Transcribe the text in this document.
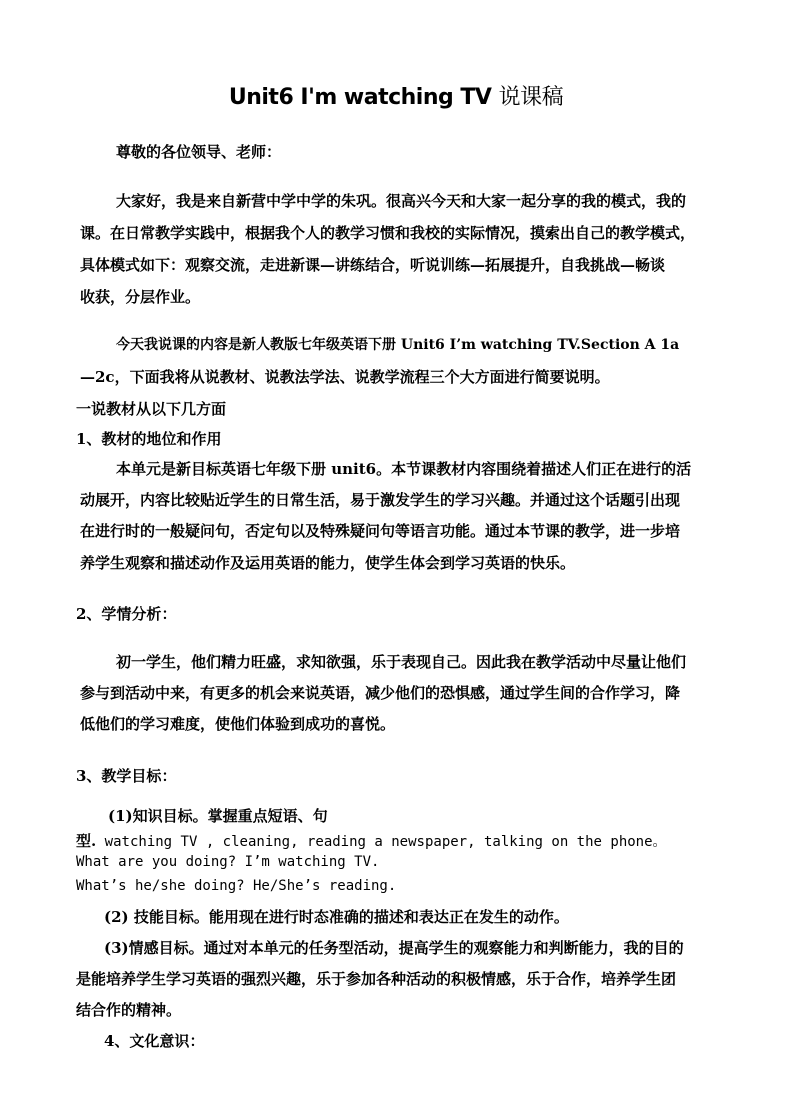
Unit6 I'm watching TV 说课稿
尊敬的各位领导、老师：
大家好，我是来自新营中学中学的朱巩。很高兴今天和大家一起分享的我的模式，我的
课。在日常教学实践中，根据我个人的教学习惯和我校的实际情况，摸索出自己的教学模式，
具体模式如下：观察交流，走进新课—讲练结合，听说训练—拓展提升，自我挑战—畅谈
收获，分层作业。
今天我说课的内容是新人教版七年级英语下册 Unit6 I’m watching TV.Section A 1a
—2c，下面我将从说教材、说教法学法、说教学流程三个大方面进行简要说明。
一说教材从以下几方面
1、教材的地位和作用
本单元是新目标英语七年级下册 unit6。本节课教材内容围绕着描述人们正在进行的活
动展开，内容比较贴近学生的日常生活，易于激发学生的学习兴趣。并通过这个话题引出现
在进行时的一般疑问句，否定句以及特殊疑问句等语言功能。通过本节课的教学，进一步培
养学生观察和描述动作及运用英语的能力，使学生体会到学习英语的快乐。
2、学情分析：
初一学生，他们精力旺盛，求知欲强，乐于表现自己。因此我在教学活动中尽量让他们
参与到活动中来，有更多的机会来说英语，减少他们的恐惧感，通过学生间的合作学习，降
低他们的学习难度，使他们体验到成功的喜悦。
3、教学目标：
(1)知识目标。掌握重点短语、句
型. watching TV , cleaning, reading a newspaper, talking on the phone。
What are you doing? I’m watching TV.
What’s he/she doing? He/She’s reading.
(2) 技能目标。能用现在进行时态准确的描述和表达正在发生的动作。
(3)情感目标。通过对本单元的任务型活动，提高学生的观察能力和判断能力，我的目的
是能培养学生学习英语的强烈兴趣，乐于参加各种活动的积极情感，乐于合作，培养学生团
结合作的精神。
4、文化意识：
